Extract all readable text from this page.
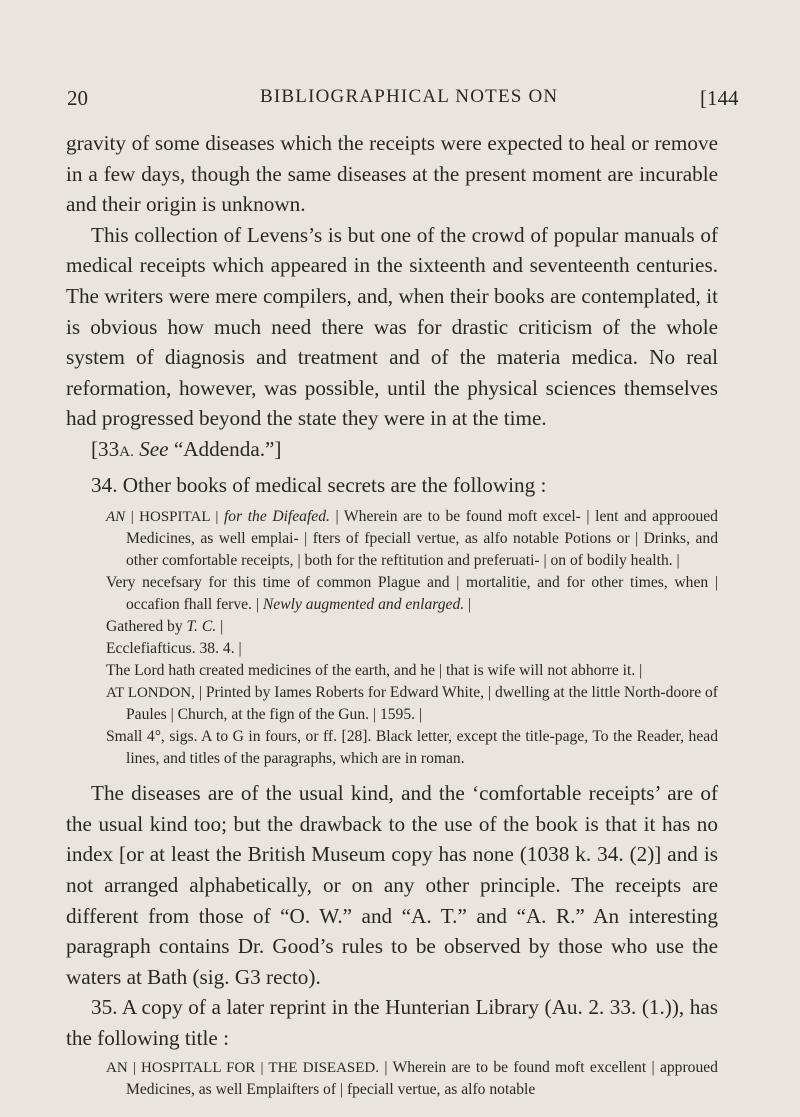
20	BIBLIOGRAPHICAL NOTES ON	[144

gravity of some diseases which the receipts were expected to heal or remove in a few days, though the same diseases at the present moment are incurable and their origin is unknown.

This collection of Levens’s is but one of the crowd of popular manuals of medical receipts which appeared in the sixteenth and seventeenth centuries. The writers were mere compilers, and, when their books are contemplated, it is obvious how much need there was for drastic criticism of the whole system of diagnosis and treatment and of the materia medica. No real reformation, however, was possible, until the physical sciences themselves had progressed beyond the state they were in at the time.

[33A. See “Addenda.”]

34. Other books of medical secrets are the following :

AN | HOSPITAL | for the Difeafed. | Wherein are to be found moft excel- | lent and approoued Medicines, as well emplai- | fters of fpeciall vertue, as alfo notable Potions or | Drinks, and other comfortable receipts, | both for the reftitution and preferuati- | on of bodily health. |
Very necefsary for this time of common Plague and | mortalitie, and for other times, when | occafion fhall ferve. | Newly augmented and enlarged. |
Gathered by T. C. |
Ecclefiafticus. 38. 4. |
The Lord hath created medicines of the earth, and he | that is wife will not abhorre it. |
AT LONDON, | Printed by Iames Roberts for Edward White, | dwelling at the little North-doore of Paules | Church, at the fign of the Gun. | 1595. |
Small 4°, sigs. A to G in fours, or ff. [28]. Black letter, except the title-page, To the Reader, head lines, and titles of the paragraphs, which are in roman.

The diseases are of the usual kind, and the ‘comfortable receipts’ are of the usual kind too; but the drawback to the use of the book is that it has no index [or at least the British Museum copy has none (1038 k. 34. (2)] and is not arranged alphabetically, or on any other principle. The receipts are different from those of “O. W.” and “A. T.” and “A. R.” An interesting paragraph contains Dr. Good’s rules to be observed by those who use the waters at Bath (sig. G3 recto).

35. A copy of a later reprint in the Hunterian Library (Au. 2. 33. (1.)), has the following title :

AN | HOSPITALL FOR | THE DISEASED. | Wherein are to be found moft excellent | approued Medicines, as well Emplaifters of | fpeciall vertue, as alfo notable
